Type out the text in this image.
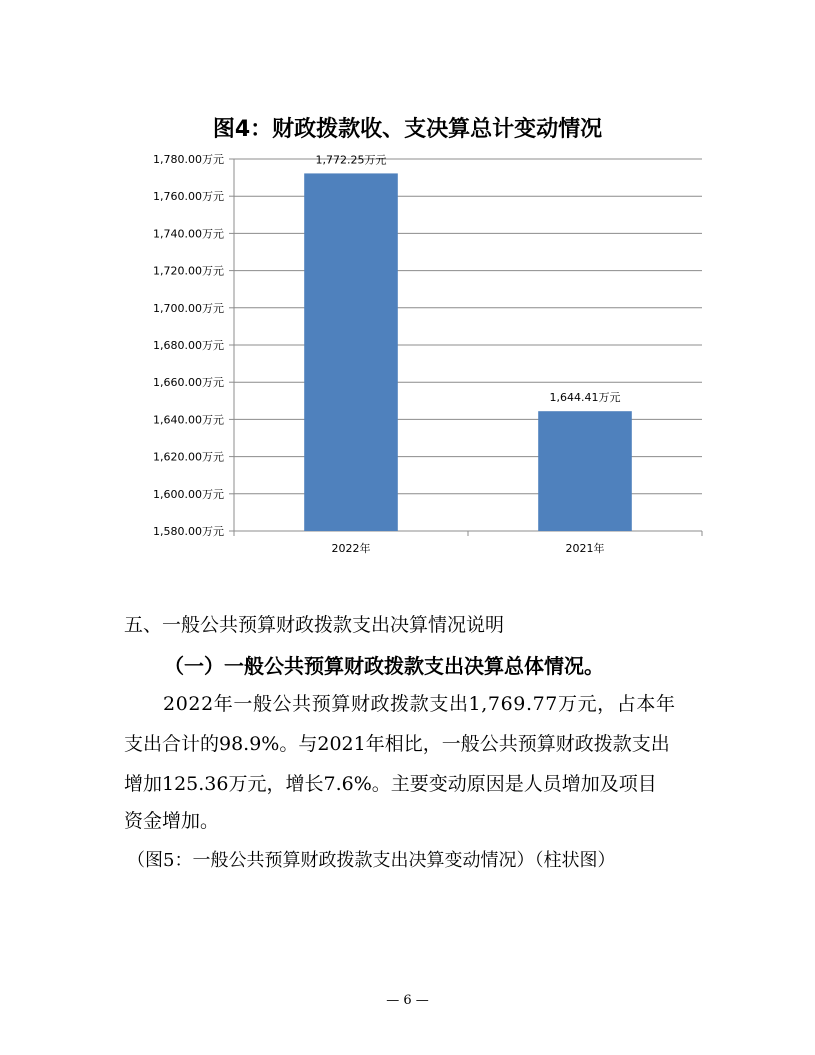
图4：财政拨款收、支决算总计变动情况
1,580.00万元
1,600.00万元
1,620.00万元
1,640.00万元
1,660.00万元
1,680.00万元
1,700.00万元
1,720.00万元
1,740.00万元
1,760.00万元
1,780.00万元	1,772.25万元
1,644.41万元
2022年	2021年

五、一般公共预算财政拨款支出决算情况说明

（一）一般公共预算财政拨款支出决算总体情况。

2022年一般公共预算财政拨款支出1,769.77万元，占本年

支出合计的98.9%。与2021年相比，一般公共预算财政拨款支出

增加125.36万元，增长7.6%。主要变动原因是人员增加及项目

资金增加。

（图5：一般公共预算财政拨款支出决算变动情况）（柱状图）

— 6 —
